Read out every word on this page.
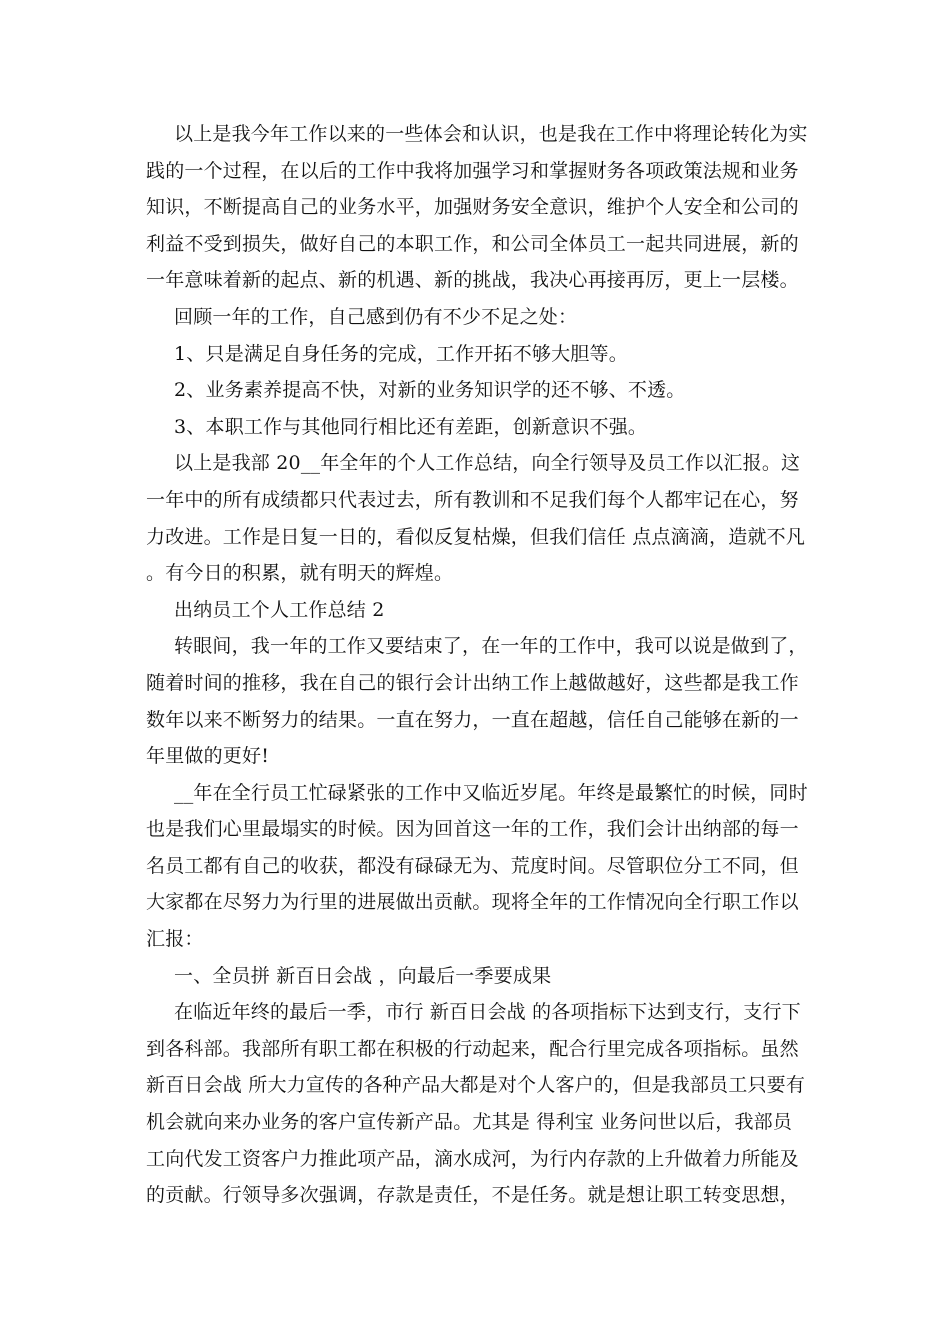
以上是我今年工作以来的一些体会和认识，也是我在工作中将理论转化为实
践的一个过程，在以后的工作中我将加强学习和掌握财务各项政策法规和业务
知识，不断提高自己的业务水平，加强财务安全意识，维护个人安全和公司的
利益不受到损失，做好自己的本职工作，和公司全体员工一起共同进展，新的
一年意味着新的起点、新的机遇、新的挑战，我决心再接再厉，更上一层楼。
回顾一年的工作，自己感到仍有不少不足之处：
1、只是满足自身任务的完成，工作开拓不够大胆等。
2、业务素养提高不快，对新的业务知识学的还不够、不透。
3、本职工作与其他同行相比还有差距，创新意识不强。
以上是我部 20__年全年的个人工作总结，向全行领导及员工作以汇报。这
一年中的所有成绩都只代表过去，所有教训和不足我们每个人都牢记在心，努
力改进。工作是日复一日的，看似反复枯燥，但我们信任 点点滴滴，造就不凡
。有今日的积累，就有明天的辉煌。
出纳员工个人工作总结 2
转眼间，我一年的工作又要结束了，在一年的工作中，我可以说是做到了，
随着时间的推移，我在自己的银行会计出纳工作上越做越好，这些都是我工作
数年以来不断努力的结果。一直在努力，一直在超越，信任自己能够在新的一
年里做的更好!
__年在全行员工忙碌紧张的工作中又临近岁尾。年终是最繁忙的时候，同时
也是我们心里最塌实的时候。因为回首这一年的工作，我们会计出纳部的每一
名员工都有自己的收获，都没有碌碌无为、荒度时间。尽管职位分工不同，但
大家都在尽努力为行里的进展做出贡献。现将全年的工作情况向全行职工作以
汇报：
一、全员拼 新百日会战 ，向最后一季要成果
在临近年终的最后一季，市行 新百日会战 的各项指标下达到支行，支行下
到各科部。我部所有职工都在积极的行动起来，配合行里完成各项指标。虽然
新百日会战 所大力宣传的各种产品大都是对个人客户的，但是我部员工只要有
机会就向来办业务的客户宣传新产品。尤其是 得利宝 业务问世以后，我部员
工向代发工资客户力推此项产品，滴水成河，为行内存款的上升做着力所能及
的贡献。行领导多次强调，存款是责任，不是任务。就是想让职工转变思想，
